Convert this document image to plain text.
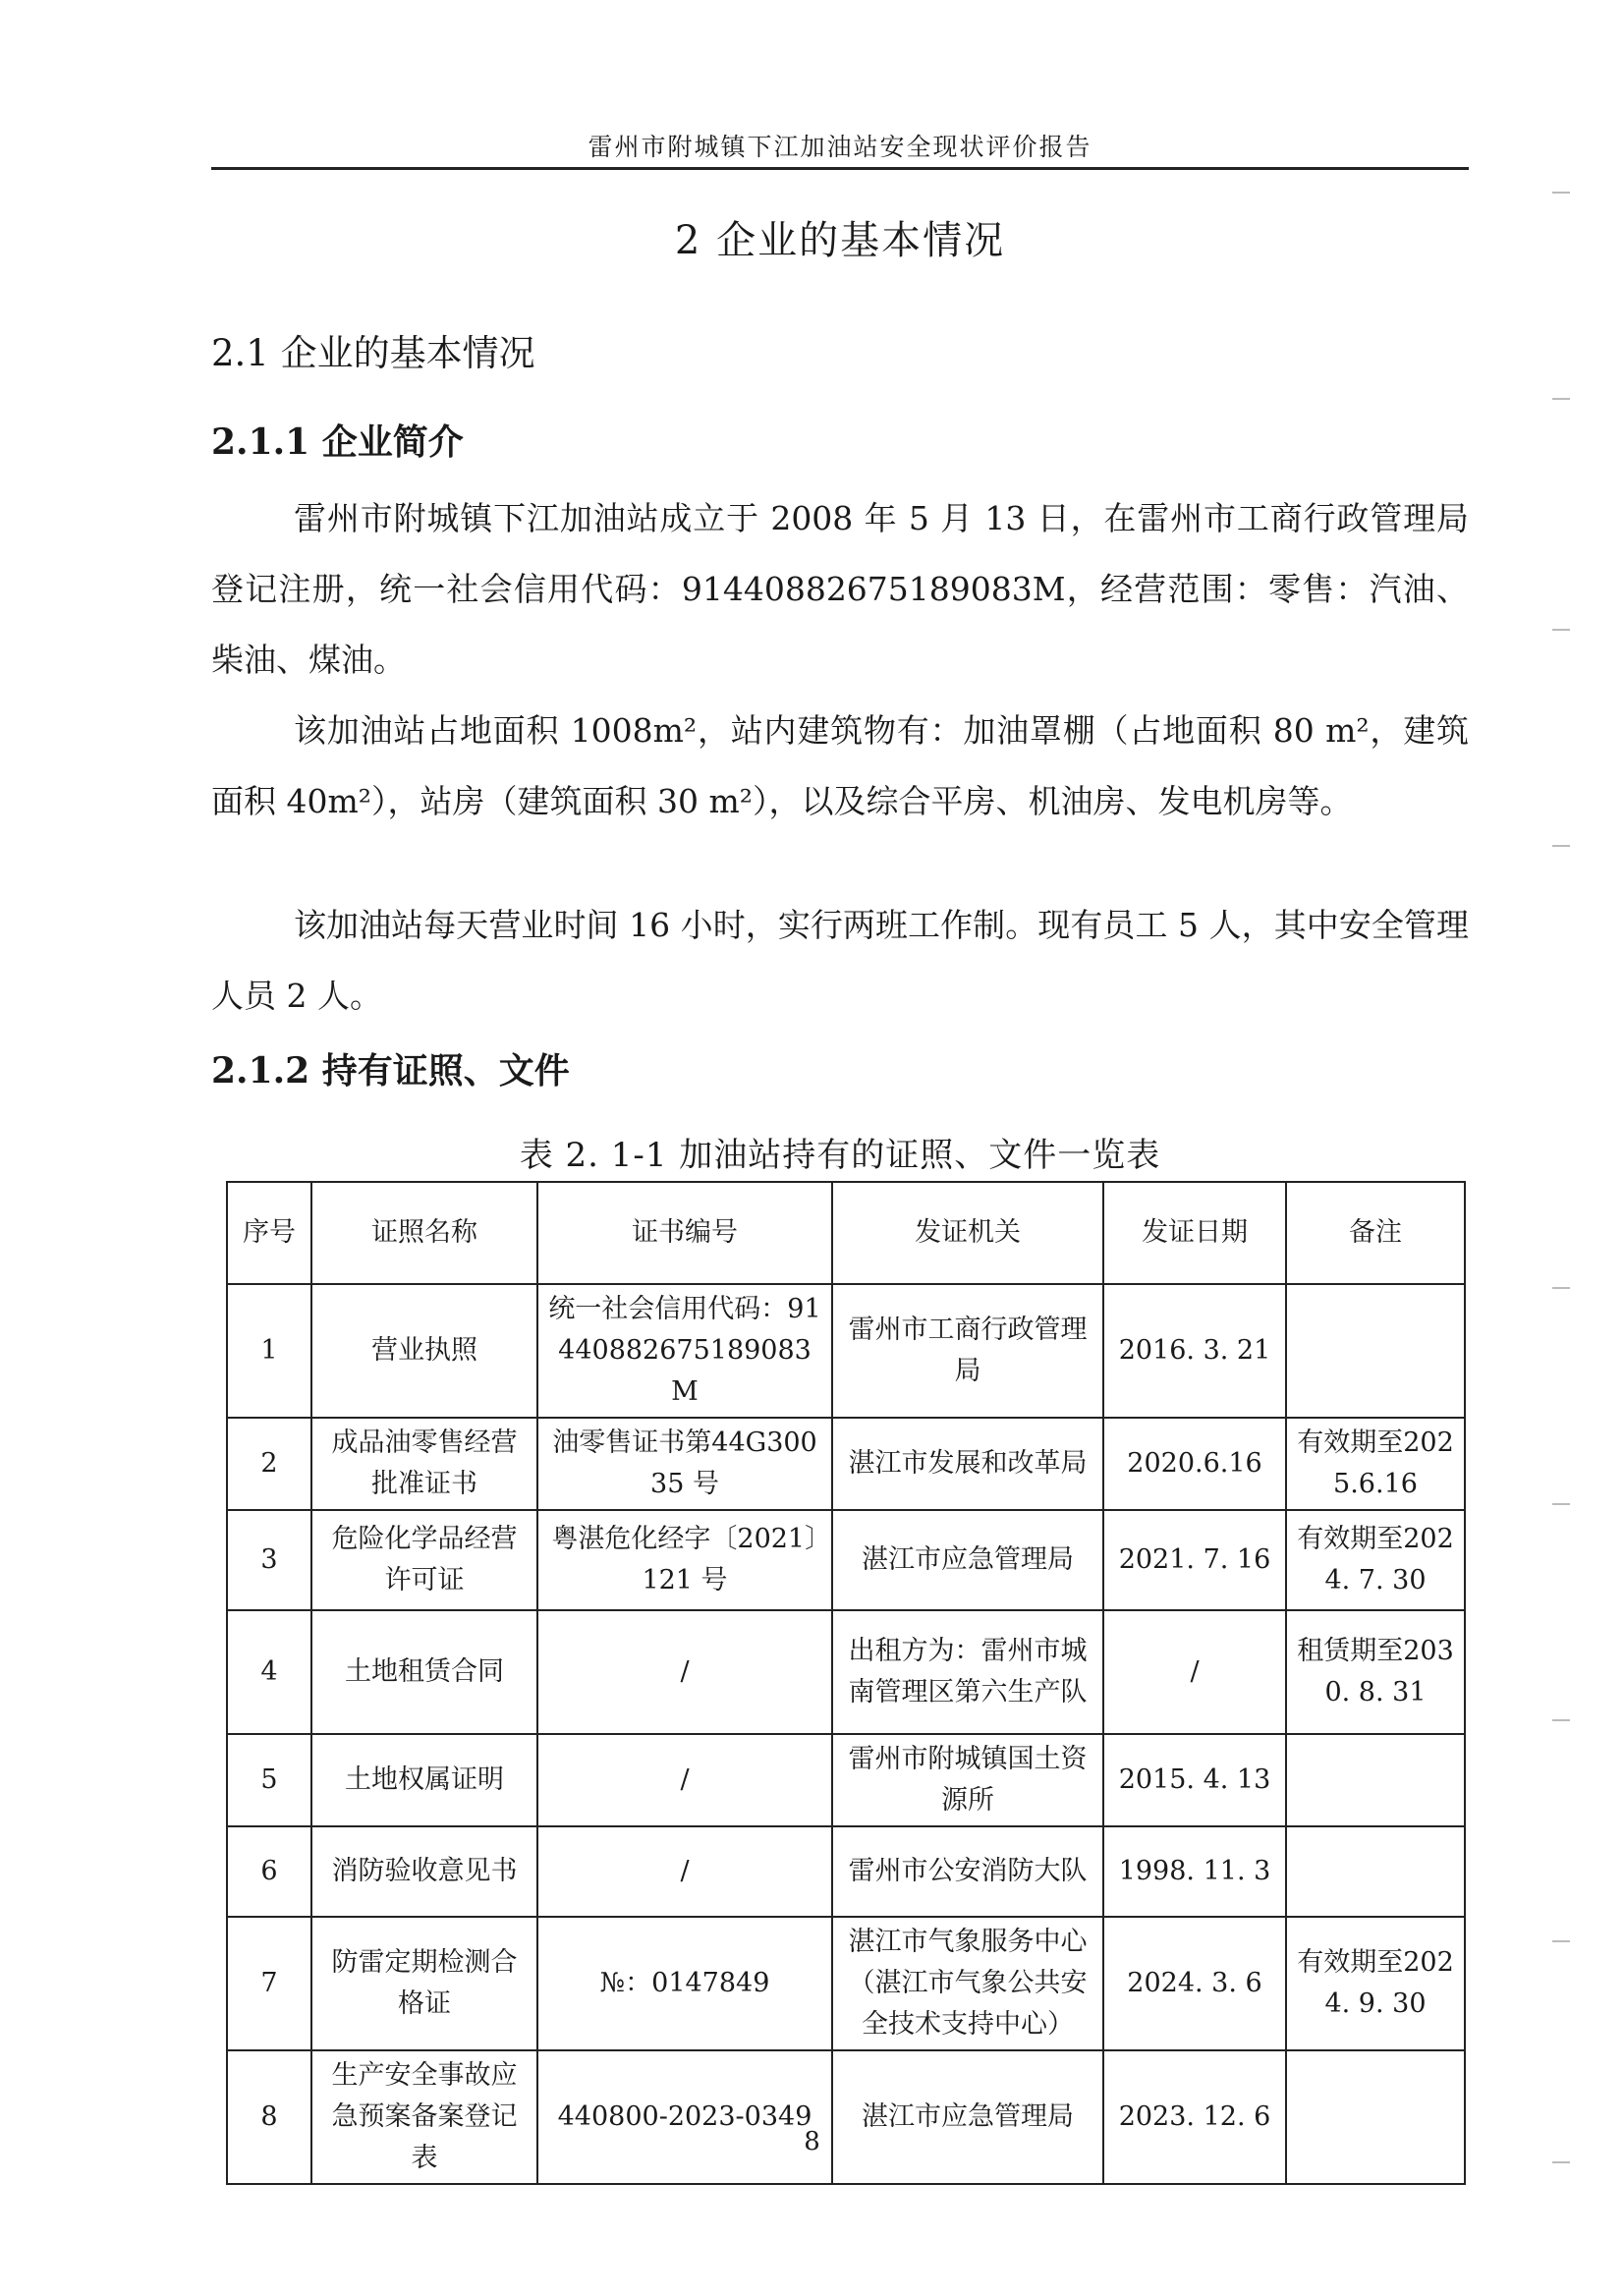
雷州市附城镇下江加油站安全现状评价报告
2 企业的基本情况
2.1 企业的基本情况
2.1.1 企业简介
雷州市附城镇下江加油站成立于 2008 年 5 月 13 日，在雷州市工商行政管理局登记注册，统一社会信用代码：91440882675189083M，经营范围：零售：汽油、柴油、煤油。
该加油站占地面积 1008m²，站内建筑物有：加油罩棚（占地面积 80 m²，建筑面积 40m²），站房（建筑面积 30 m²），以及综合平房、机油房、发电机房等。
该加油站每天营业时间 16 小时，实行两班工作制。现有员工 5 人，其中安全管理人员 2 人。
2.1.2 持有证照、文件
表 2. 1-1 加油站持有的证照、文件一览表
序号	证照名称	证书编号	发证机关	发证日期	备注
1	营业执照	统一社会信用代码：91440882675189083M	雷州市工商行政管理局	2016. 3. 21	
2	成品油零售经营批准证书	油零售证书第44G30035 号	湛江市发展和改革局	2020.6.16	有效期至2025.6.16
3	危险化学品经营许可证	粤湛危化经字〔2021〕121 号	湛江市应急管理局	2021. 7. 16	有效期至2024. 7. 30
4	土地租赁合同	/	出租方为：雷州市城南管理区第六生产队	/	租赁期至2030. 8. 31
5	土地权属证明	/	雷州市附城镇国土资源所	2015. 4. 13	
6	消防验收意见书	/	雷州市公安消防大队	1998. 11. 3	
7	防雷定期检测合格证	№：0147849	湛江市气象服务中心（湛江市气象公共安全技术支持中心）	2024. 3. 6	有效期至2024. 9. 30
8	生产安全事故应急预案备案登记表	440800-2023-0349	湛江市应急管理局	2023. 12. 6	
8
